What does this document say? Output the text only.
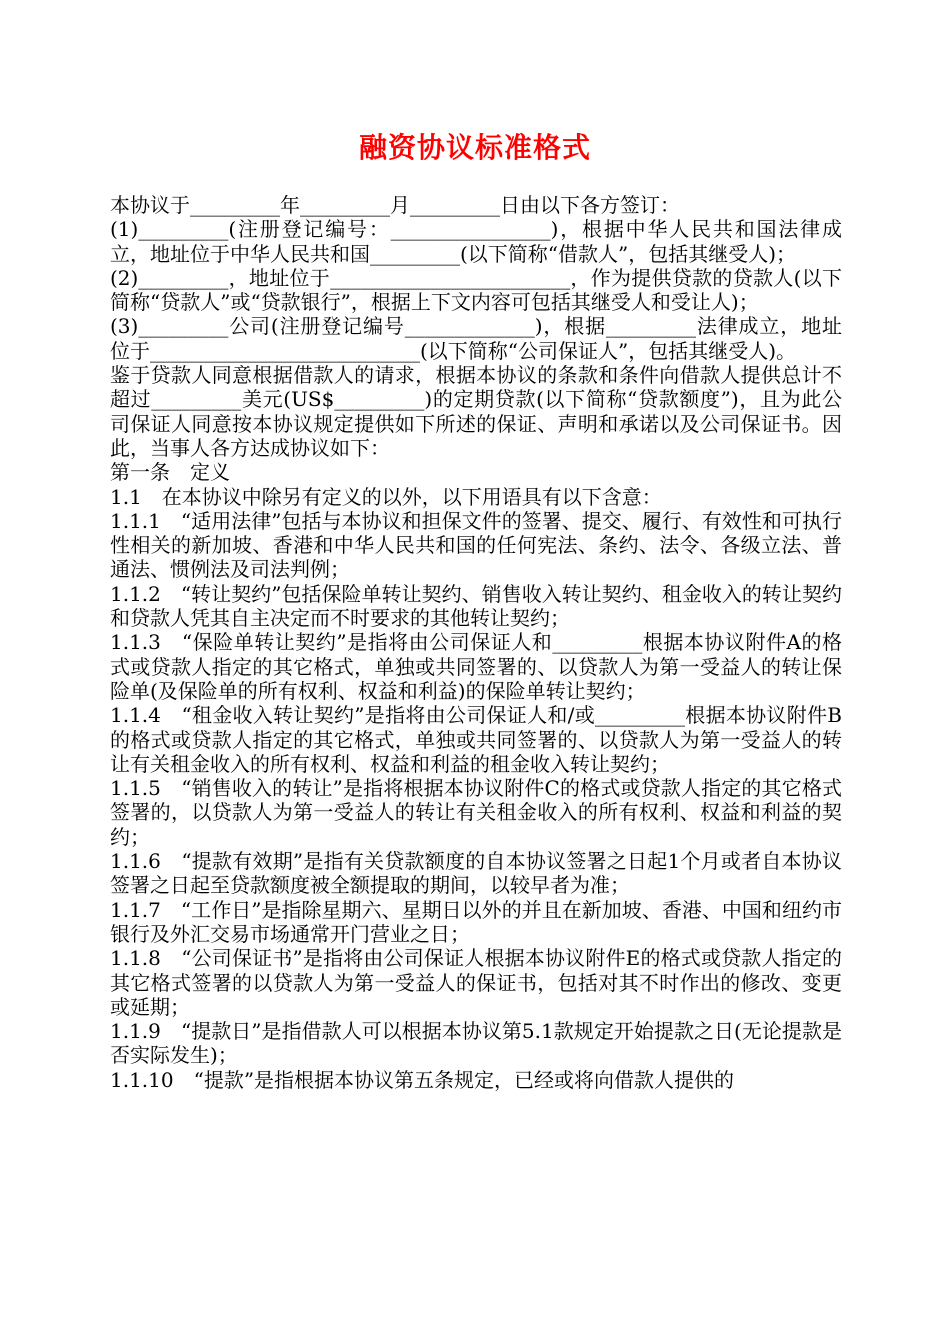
融资协议标准格式

本协议于_________年_________月_________日由以下各方签订：

(1)_________(注册登记编号：________________)，根据中华人民共和国法律成立，地址位于中华人民共和国_________(以下简称“借款人”，包括其继受人)；

(2)_________，地址位于________________________，作为提供贷款的贷款人(以下简称“贷款人”或“贷款银行”，根据上下文内容可包括其继受人和受让人)；

(3)_________公司(注册登记编号_____________)，根据_________法律成立，地址位于___________________________(以下简称“公司保证人”，包括其继受人)。

鉴于贷款人同意根据借款人的请求，根据本协议的条款和条件向借款人提供总计不超过_________美元(US$_________)的定期贷款(以下简称“贷款额度”)，且为此公司保证人同意按本协议规定提供如下所述的保证、声明和承诺以及公司保证书。因此，当事人各方达成协议如下：

第一条　定义

1.1　在本协议中除另有定义的以外，以下用语具有以下含意：

1.1.1　“适用法律”包括与本协议和担保文件的签署、提交、履行、有效性和可执行性相关的新加坡、香港和中华人民共和国的任何宪法、条约、法令、各级立法、普通法、惯例法及司法判例；

1.1.2　“转让契约”包括保险单转让契约、销售收入转让契约、租金收入的转让契约和贷款人凭其自主决定而不时要求的其他转让契约；

1.1.3　“保险单转让契约”是指将由公司保证人和_________根据本协议附件A的格式或贷款人指定的其它格式，单独或共同签署的、以贷款人为第一受益人的转让保险单(及保险单的所有权利、权益和利益)的保险单转让契约；

1.1.4　“租金收入转让契约”是指将由公司保证人和/或_________根据本协议附件B的格式或贷款人指定的其它格式，单独或共同签署的、以贷款人为第一受益人的转让有关租金收入的所有权利、权益和利益的租金收入转让契约；

1.1.5　“销售收入的转让”是指将根据本协议附件C的格式或贷款人指定的其它格式签署的，以贷款人为第一受益人的转让有关租金收入的所有权利、权益和利益的契约；

1.1.6　“提款有效期”是指有关贷款额度的自本协议签署之日起1个月或者自本协议签署之日起至贷款额度被全额提取的期间，以较早者为准；

1.1.7　“工作日”是指除星期六、星期日以外的并且在新加坡、香港、中国和纽约市银行及外汇交易市场通常开门营业之日；

1.1.8　“公司保证书”是指将由公司保证人根据本协议附件E的格式或贷款人指定的其它格式签署的以贷款人为第一受益人的保证书，包括对其不时作出的修改、变更或延期；

1.1.9　“提款日”是指借款人可以根据本协议第5.1款规定开始提款之日(无论提款是否实际发生)；

1.1.10　“提款”是指根据本协议第五条规定，已经或将向借款人提供的
